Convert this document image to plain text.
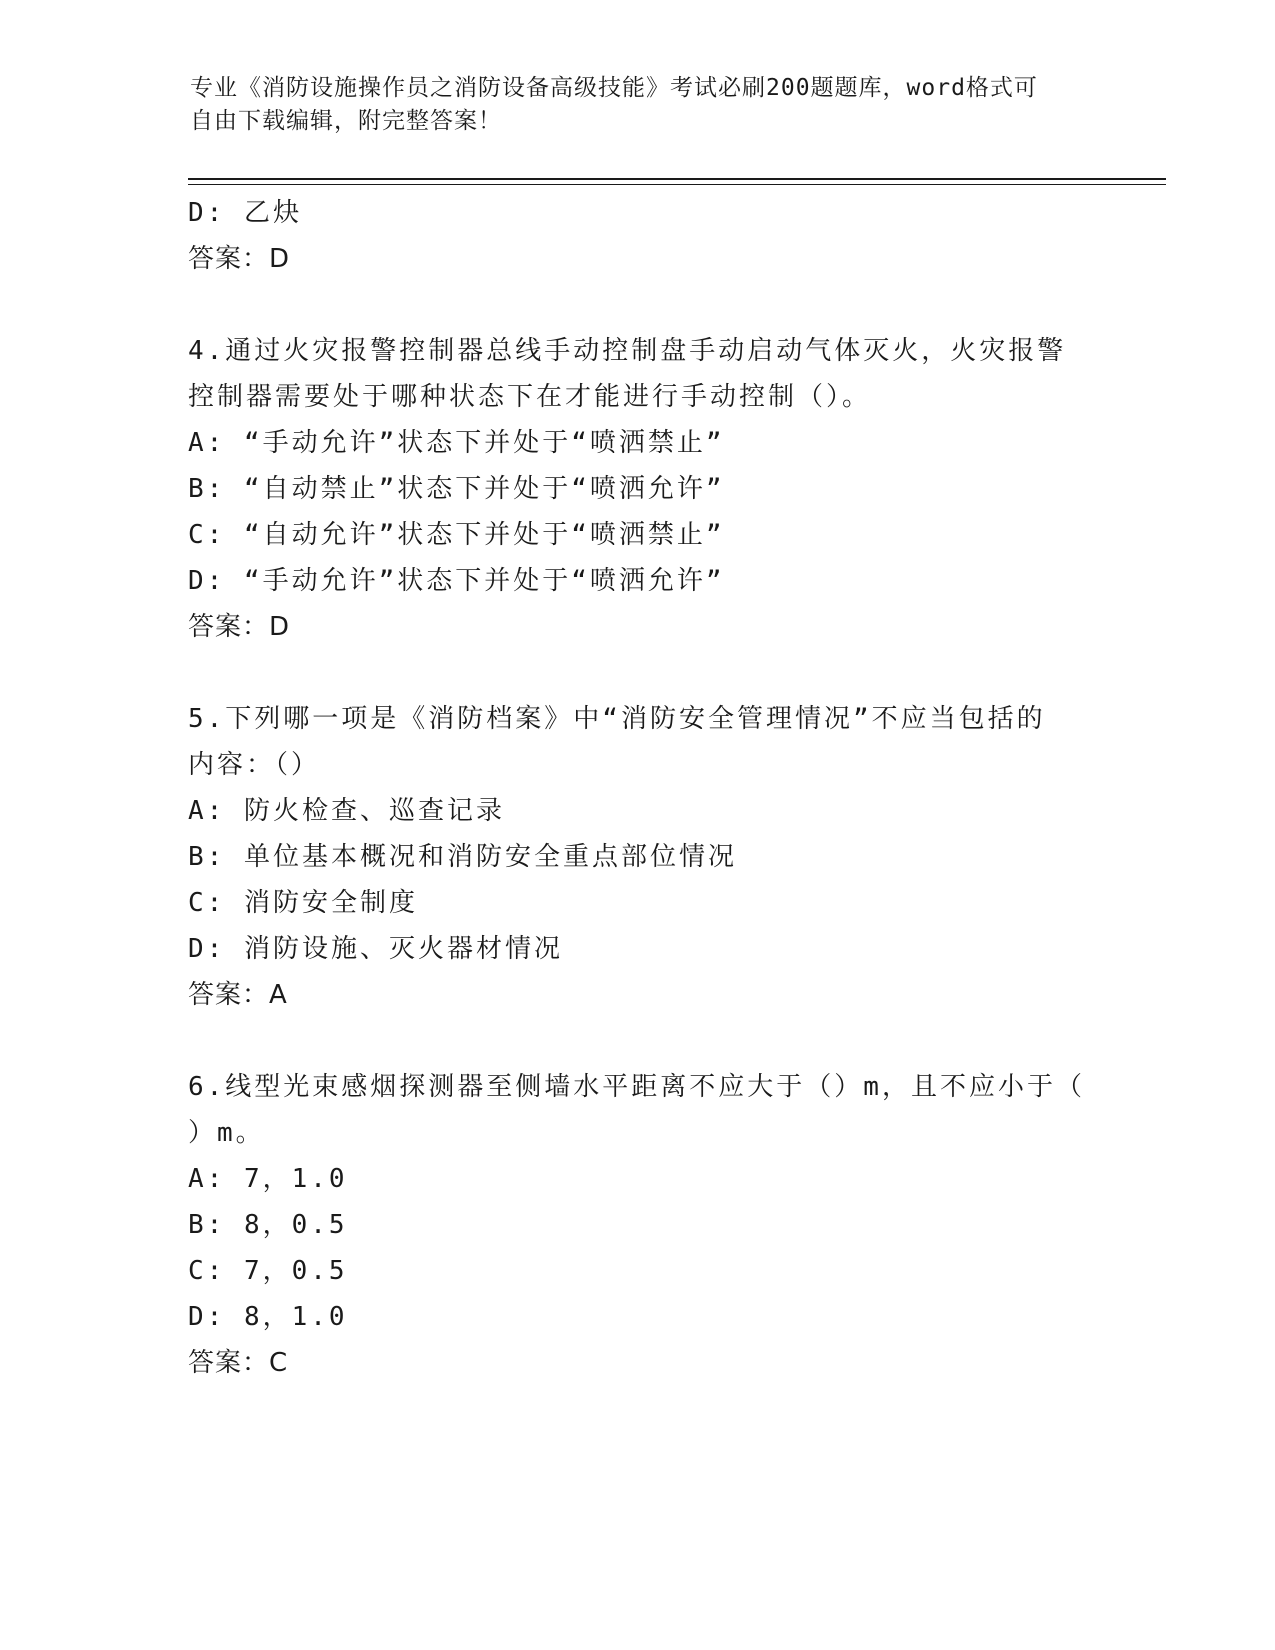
专业《消防设施操作员之消防设备高级技能》考试必刷200题题库，word格式可
自由下载编辑，附完整答案！
D: 乙炔
答案：D
4.通过火灾报警控制器总线手动控制盘手动启动气体灭火，火灾报警
控制器需要处于哪种状态下在才能进行手动控制（）。
A: “手动允许”状态下并处于“喷洒禁止”
B: “自动禁止”状态下并处于“喷洒允许”
C: “自动允许”状态下并处于“喷洒禁止”
D: “手动允许”状态下并处于“喷洒允许”
答案：D
5.下列哪一项是《消防档案》中“消防安全管理情况”不应当包括的
内容：（）
A: 防火检查、巡查记录
B: 单位基本概况和消防安全重点部位情况
C: 消防安全制度
D: 消防设施、灭火器材情况
答案：A
6.线型光束感烟探测器至侧墙水平距离不应大于（）m，且不应小于（
）m。
A: 7，1.0
B: 8，0.5
C: 7，0.5
D: 8，1.0
答案：C
